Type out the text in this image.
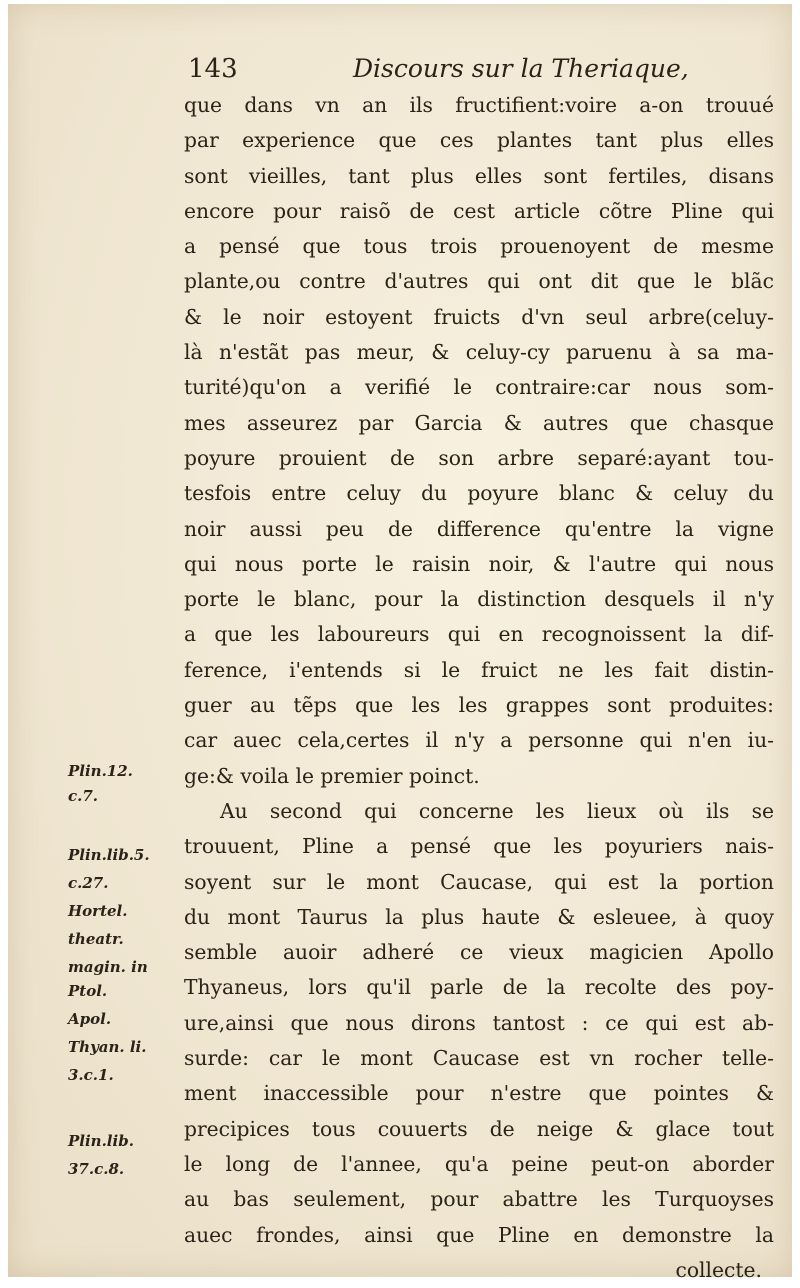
143	Discours sur la Theriaque,
que dans vn an ils fructifient:voire a-on trouué
par experience que ces plantes tant plus elles
sont vieilles, tant plus elles sont fertiles, disans
encore pour raisõ de cest article cõtre Pline qui
a pensé que tous trois prouenoyent de mesme
plante,ou contre d'autres qui ont dit que le blãc
& le noir estoyent fruicts d'vn seul arbre(celuy-
là n'estãt pas meur, & celuy-cy paruenu à sa ma-
turité)qu'on a verifié le contraire:car nous som-
mes asseurez par Garcia & autres que chasque
poyure prouient de son arbre separé:ayant tou-
tesfois entre celuy du poyure blanc & celuy du
noir aussi peu de difference qu'entre la vigne
qui nous porte le raisin noir, & l'autre qui nous
porte le blanc, pour la distinction desquels il n'y
a que les laboureurs qui en recognoissent la dif-
ference, i'entends si le fruict ne les fait distin-
guer au tẽps que les les grappes sont produites:
car auec cela,certes il n'y a personne qui n'en iu-
ge:& voila le premier poinct.
Au second qui concerne les lieux où ils se
trouuent, Pline a pensé que les poyuriers nais-
soyent sur le mont Caucase, qui est la portion
du mont Taurus la plus haute & esleuee, à quoy
semble auoir adheré ce vieux magicien Apollo
Thyaneus, lors qu'il parle de la recolte des poy-
ure,ainsi que nous dirons tantost : ce qui est ab-
surde: car le mont Caucase est vn rocher telle-
ment inaccessible pour n'estre que pointes &
precipices tous couuerts de neige & glace tout
le long de l'annee, qu'a peine peut-on aborder
au bas seulement, pour abattre les Turquoyses
auec frondes, ainsi que Pline en demonstre la
collecte.
Plin.12.
c.7.
Plin.lib.5.
c.27.
Hortel.
theatr.
magin. in
Ptol.
Apol.
Thyan. li.
3.c.1.
Plin.lib.
37.c.8.
